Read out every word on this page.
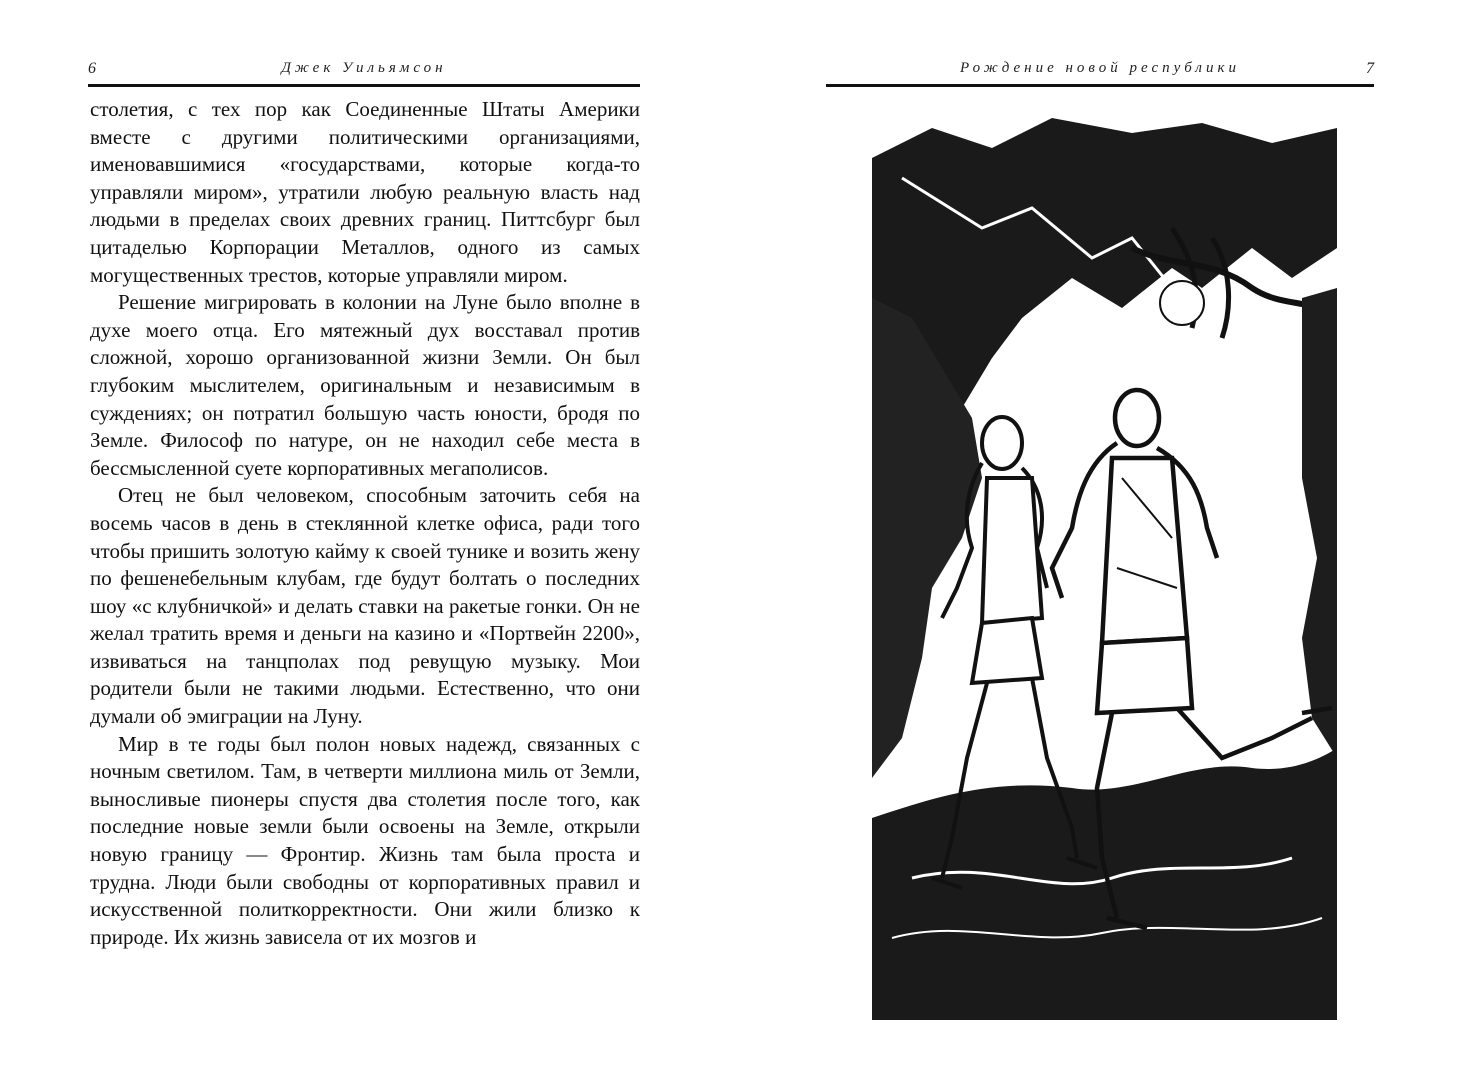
6	Джек Уильямсон

столетия, с тех пор как Соединенные Штаты Америки вместе с другими политическими организациями, именовавшимися «государствами, которые когда-то управляли миром», утратили любую реальную власть над людьми в пределах своих древних границ. Питтсбург был цитаделью Корпорации Металлов, одного из самых могущественных трестов, которые управляли миром.

Решение мигрировать в колонии на Луне было вполне в духе моего отца. Его мятежный дух восставал против сложной, хорошо организованной жизни Земли. Он был глубоким мыслителем, оригинальным и независимым в суждениях; он потратил большую часть юности, бродя по Земле. Философ по натуре, он не находил себе места в бессмысленной суете корпоративных мегаполисов.

Отец не был человеком, способным заточить себя на восемь часов в день в стеклянной клетке офиса, ради того чтобы пришить золотую кайму к своей тунике и возить жену по фешенебельным клубам, где будут болтать о последних шоу «с клубничкой» и делать ставки на ракетые гонки. Он не желал тратить время и деньги на казино и «Портвейн 2200», извиваться на танцполах под ревущую музыку. Мои родители были не такими людьми. Естественно, что они думали об эмиграции на Луну.

Мир в те годы был полон новых надежд, связанных с ночным светилом. Там, в четверти миллиона миль от Земли, выносливые пионеры спустя два столетия после того, как последние новые земли были освоены на Земле, открыли новую границу — Фронтир. Жизнь там была проста и трудна. Люди были свободны от корпоративных правил и искусственной политкорректности. Они жили близко к природе. Их жизнь зависела от их мозгов и

Рождение новой республики	7
